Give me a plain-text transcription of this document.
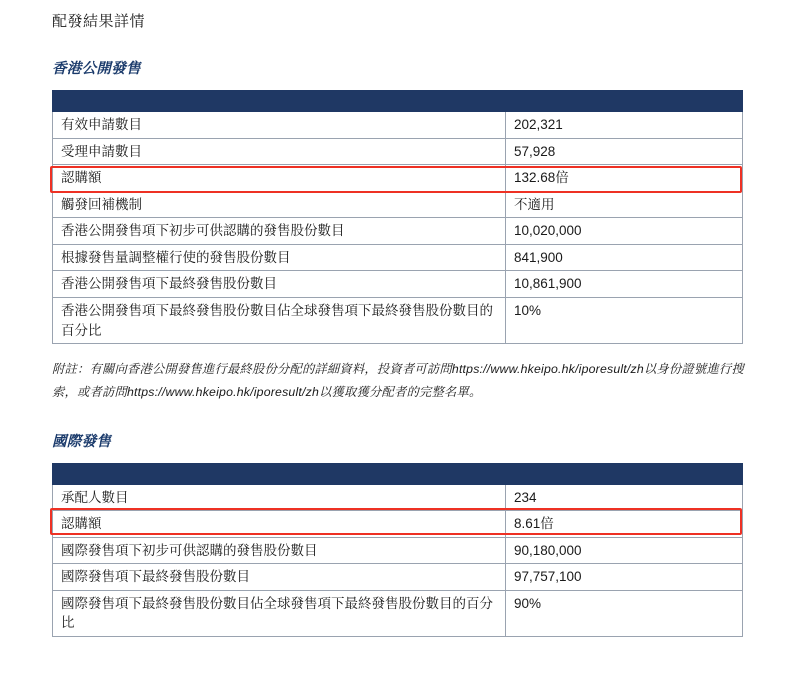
配發結果詳情
香港公開發售

有效申請數目	202,321
受理申請數目	57,928
認購額	132.68倍
觸發回補機制	不適用
香港公開發售項下初步可供認購的發售股份數目	10,020,000
根據發售量調整權行使的發售股份數目	841,900
香港公開發售項下最終發售股份數目	10,861,900
香港公開發售項下最終發售股份數目佔全球發售項下最終發售股份數目的百分比	10%
附註：有關向香港公開發售進行最終股份分配的詳細資料，投資者可訪問https://www.hkeipo.hk/iporesult/zh以身份證號進行搜索，或者訪問https://www.hkeipo.hk/iporesult/zh以獲取獲分配者的完整名單。
國際發售

承配人數目	234
認購額	8.61倍
國際發售項下初步可供認購的發售股份數目	90,180,000
國際發售項下最終發售股份數目	97,757,100
國際發售項下最終發售股份數目佔全球發售項下最終發售股份數目的百分比	90%
